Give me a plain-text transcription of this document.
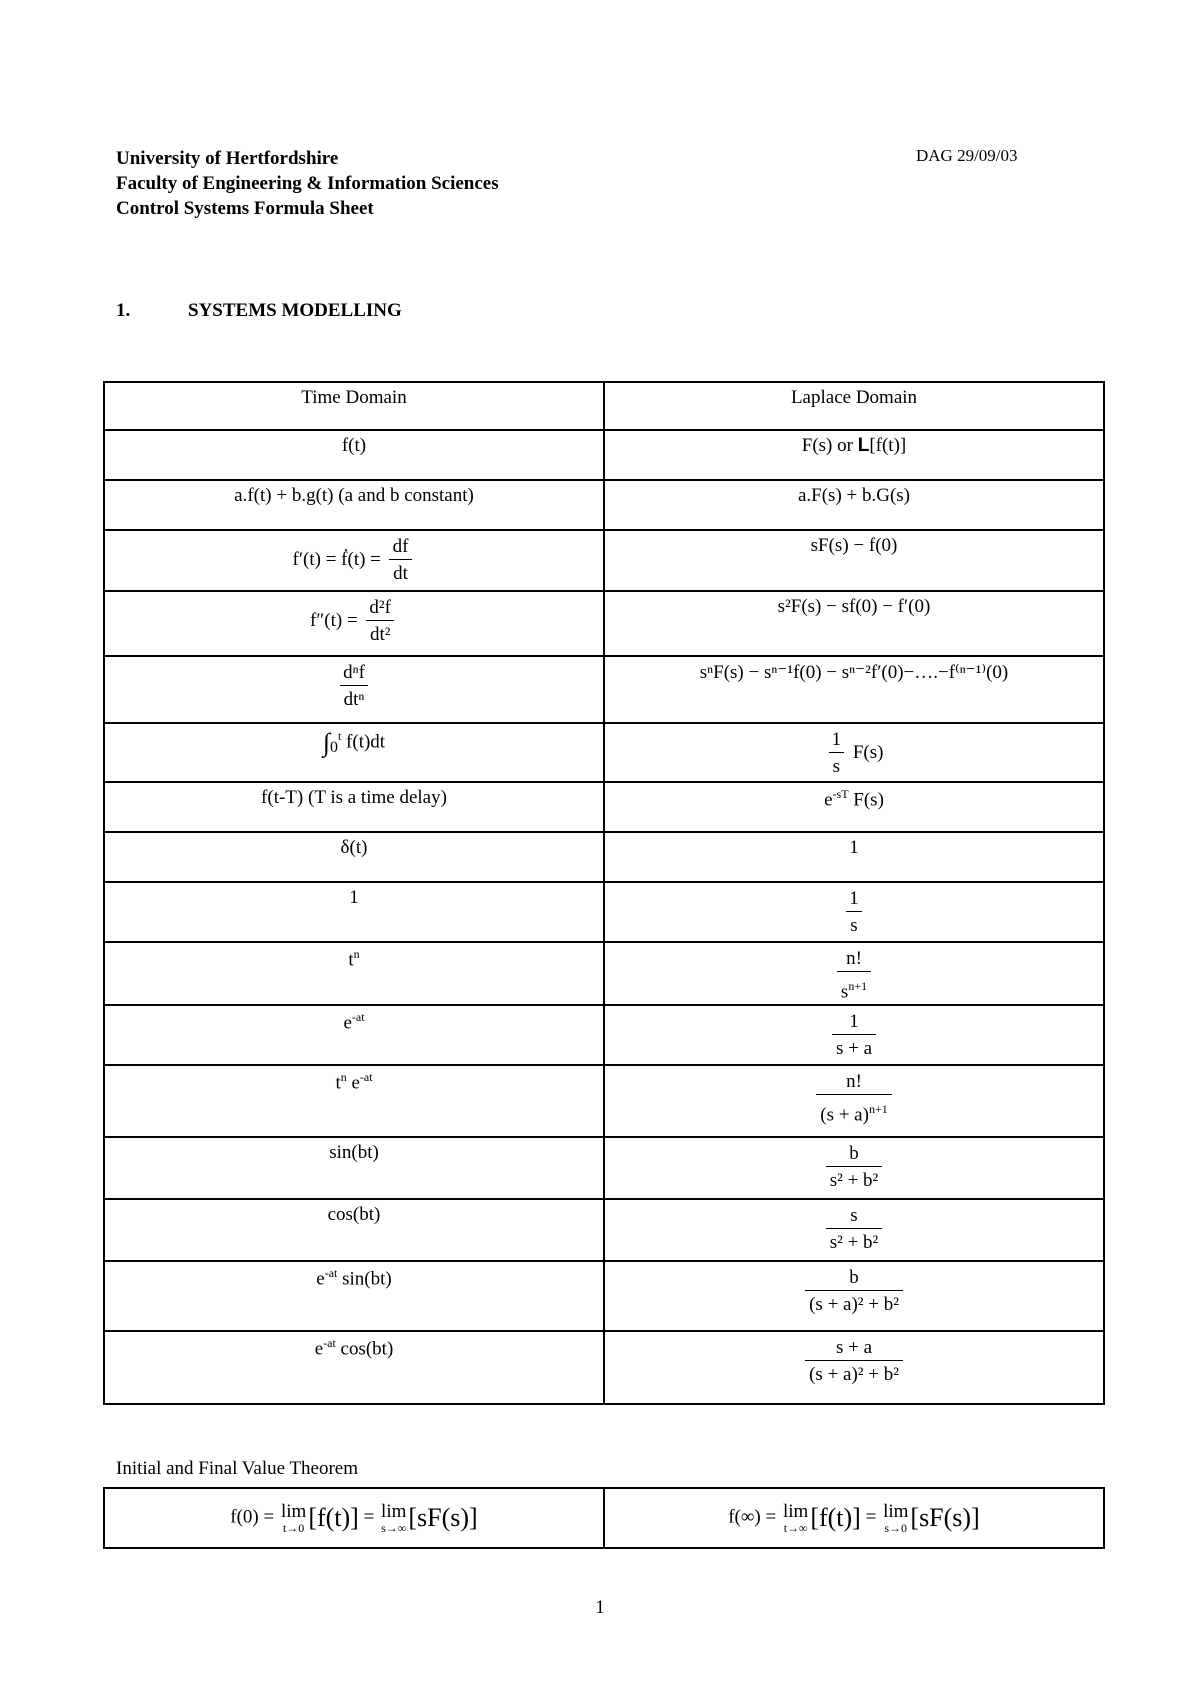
University of Hertfordshire
Faculty of Engineering & Information Sciences
Control Systems Formula Sheet
DAG 29/09/03
1.	SYSTEMS MODELLING
Time Domain	Laplace Domain
f(t)	F(s) or L[f(t)]
a.f(t) + b.g(t) (a and b constant)	a.F(s) + b.G(s)
f′(t) = ḟ(t) = $\frac{df}{dt}$	sF(s) − f(0)
$f''(t) = \frac{\text{d²f}}{\text{dt²}}$	s²F(s) − sf(0) − f′(0)

$\frac{\text{dⁿf}}{\text{dtⁿ}}$	sⁿF(s) − sⁿ⁻¹f(0) − sⁿ⁻²f′(0)−….−f⁽ⁿ⁻¹⁾(0)
$\int_0^t$ f(t)dt	$\frac{1}{s} F(s)$
f(t-T) (T is a time delay)	$e^{-sT}$ F(s)
δ(t)	1
1	$\frac{1}{s}$

$t^n$	$\frac{n!}{s^{n+1}}$

$e^{-at}$	$\frac{1}{s + a}$

$t^n$ $e^{-at}$	$\frac{n!}{(s + a)^{n+1}}$

sin(bt)	$\frac{b}{\text{s² + b²}}$

cos(bt)	$\frac{s}{\text{s² + b²}}$

$e^{-at}$ sin(bt)	$\frac{b}{\text{(s + a)² + b²}}$

$e^{-at}$ cos(bt)	$\frac{s + a}{\text{(s + a)² + b²}}$
Initial and Final Value Theorem
f(0) = lim
t→0 [f(t)] = lim
s→∞ [sF(s)]	f(∞) = lim
t→∞ [f(t)] = lim
s→0 [sF(s)]
1
